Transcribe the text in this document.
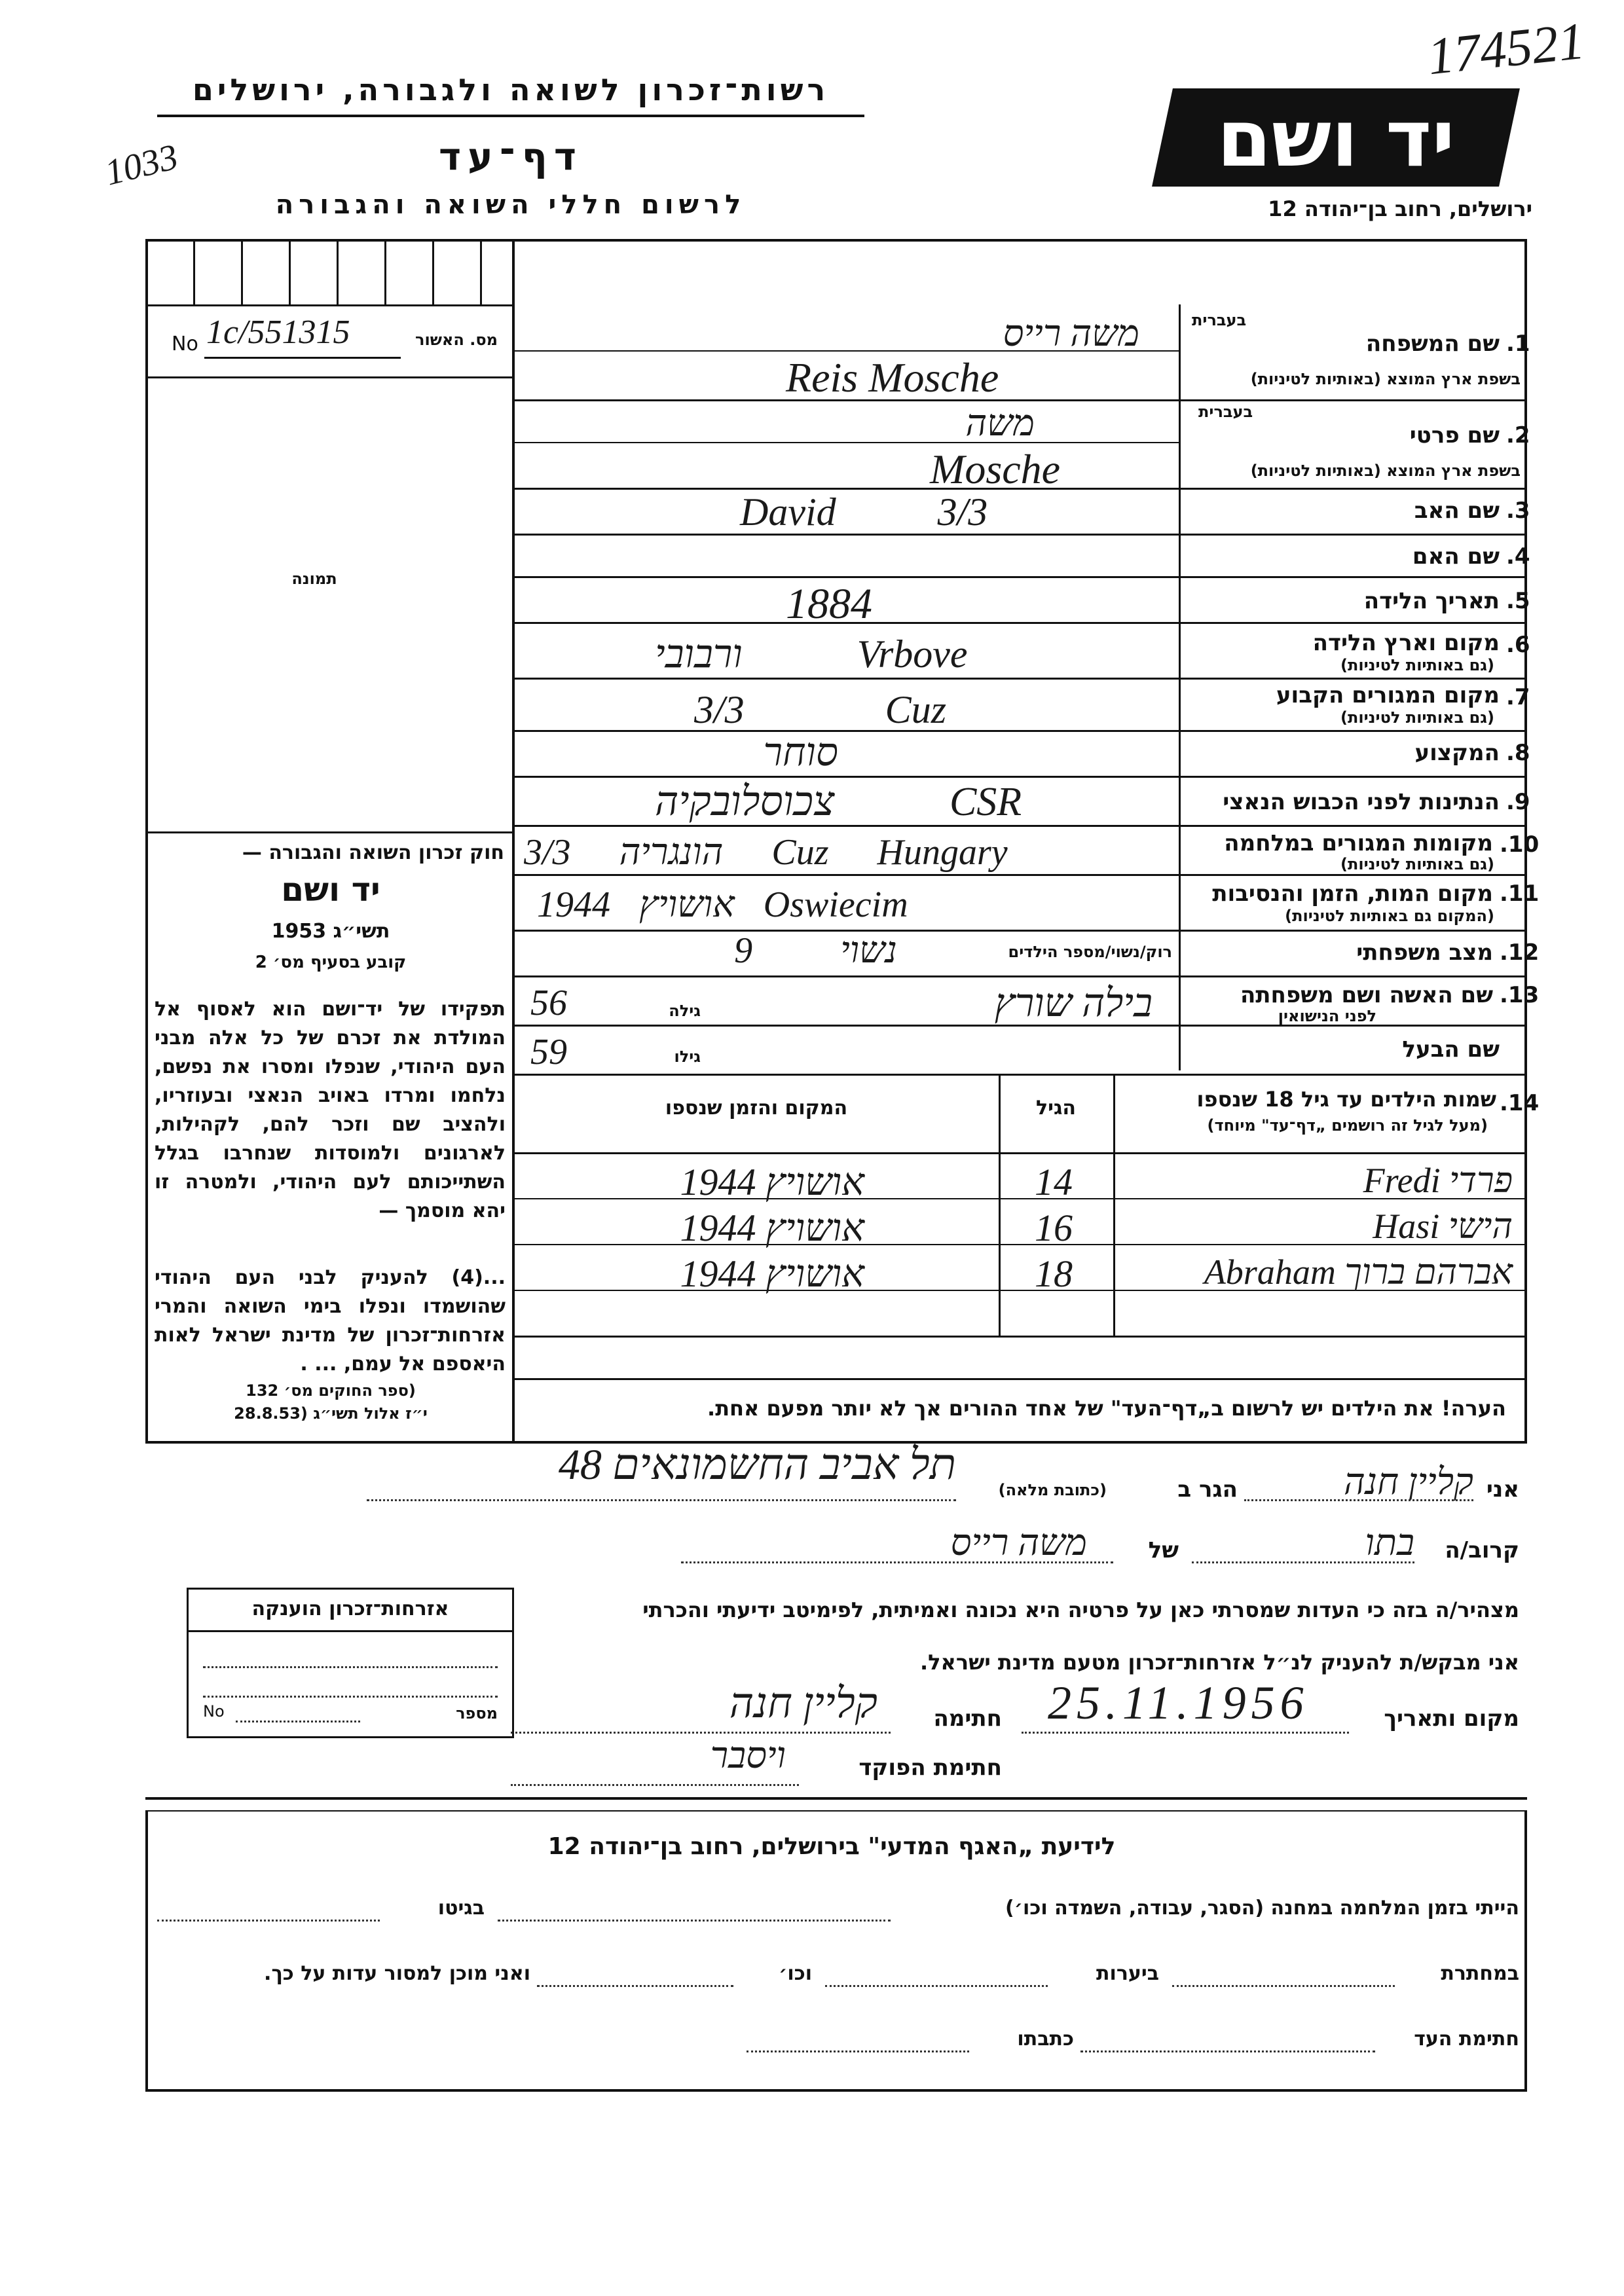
רשות־זכרון לשואה ולגבורה, ירושלים
דף־עד
לרשום חללי השואה והגבורה
1033	יד ושם
174521
ירושלים, רחוב בן־יהודה 12
מס. האשור
No 1c/551315
תמונה
1.
שם המשפחה
בעברית
בשפת ארץ המוצא (באותיות לטיניות)
משה רייס
Reis Mosche
2.
שם פרטי
בעברית
בשפת ארץ המוצא (באותיות לטיניות)
משה
Mosche
3.
שם האב
David 3/3
4.
שם האם
5.
תאריך הלידה
1884
6.
מקום וארץ הלידה
(גם באותיות לטיניות)
ורבובי Vrbove
7.
מקום המגורים הקבוע
(גם באותיות לטיניות)
3/3 Cuz
8.
המקצוע
סוחר
9.
הנתינות לפני הכבוש הנאצי
צכוסלובקיה CSR
10.
מקומות המגורים במלחמה
(גם באותיות לטיניות)
3/3 הונגריה Cuz Hungary
11.
מקום המות, הזמן והנסיבות
(המקום גם באותיות לטיניות)
אושויץ 1944 Oswiecim
12.
מצב משפחתי
רוק/נשוי/מספר הילדים
נשוי 9
13.
שם האשה ושם משפחתה
לפני הנישואין
בילה שורץ
גילה
56
שם הבעל
גילו
59
14.
שמות הילדים עד גיל 18 שנספו
(מעל לגיל זה רושמים „דף־עד" מיוחד)
הגיל
המקום והזמן שנספו
פרדי Fredi
14
אושויץ 1944
הישי Hasi
16
אושויץ 1944
אברהם ברוך Abraham
18
אושויץ 1944
הערה! את הילדים יש לרשום ב„דף־העד" של אחד ההורים אך לא יותר מפעם אחת.
חוק זכרון השואה והגבורה —
יד ושם
תשי״ג 1953
קובע בסעיף מס׳ 2
תפקידו של יד־ושם הוא לאסוף אל המולדת את זכרם של כל אלה מבני העם היהודי, שנפלו ומסרו את נפשם, נלחמו ומרדו באויב הנאצי ובעוזריו, ולהציב שם וזכר להם, לקהילות, לארגונים ולמוסדות שנחרבו בגלל השתייכותם לעם היהודי, ולמטרה זו יהא מוסמך —
...(4) להעניק לבני העם היהודי שהושמדו ונפלו בימי השואה והמרי אזרחות־זכרון של מדינת ישראל לאות היאספם אל עמם, ... .
(ספר החוקים מס׳ 132
י״ז אלול תשי״ג (28.8.53
אני
קליין חנה
הגר ב
(כתובת מלאה)
תל אביב החשמונאים 48
קרוב/ה
בתו
של
משה רייס
מצהיר/ה בזה כי העדות שמסרתי כאן על פרטיה היא נכונה ואמיתית, לפימיטב ידיעתי והכרתי
אני מבקש/ת להעניק לנ״ל אזרחות־זכרון מטעם מדינת ישראל.
מקום ותאריך
25.11.1956
חתימה
קליין חנה
חתימת הפוקד
ויסבר
אזרחות־זכרון הוענקה
No	מספר
לידיעת „האגף המדעי" בירושלים, רחוב בן־יהודה 12
הייתי בזמן המלחמה במחנה (הסגר, עבודה, השמדה וכו׳)
בגיטו
במחתרת
ביערות
וכו׳
ואני מוכן למסור עדות על כך.
חתימת העד
כתבתו
